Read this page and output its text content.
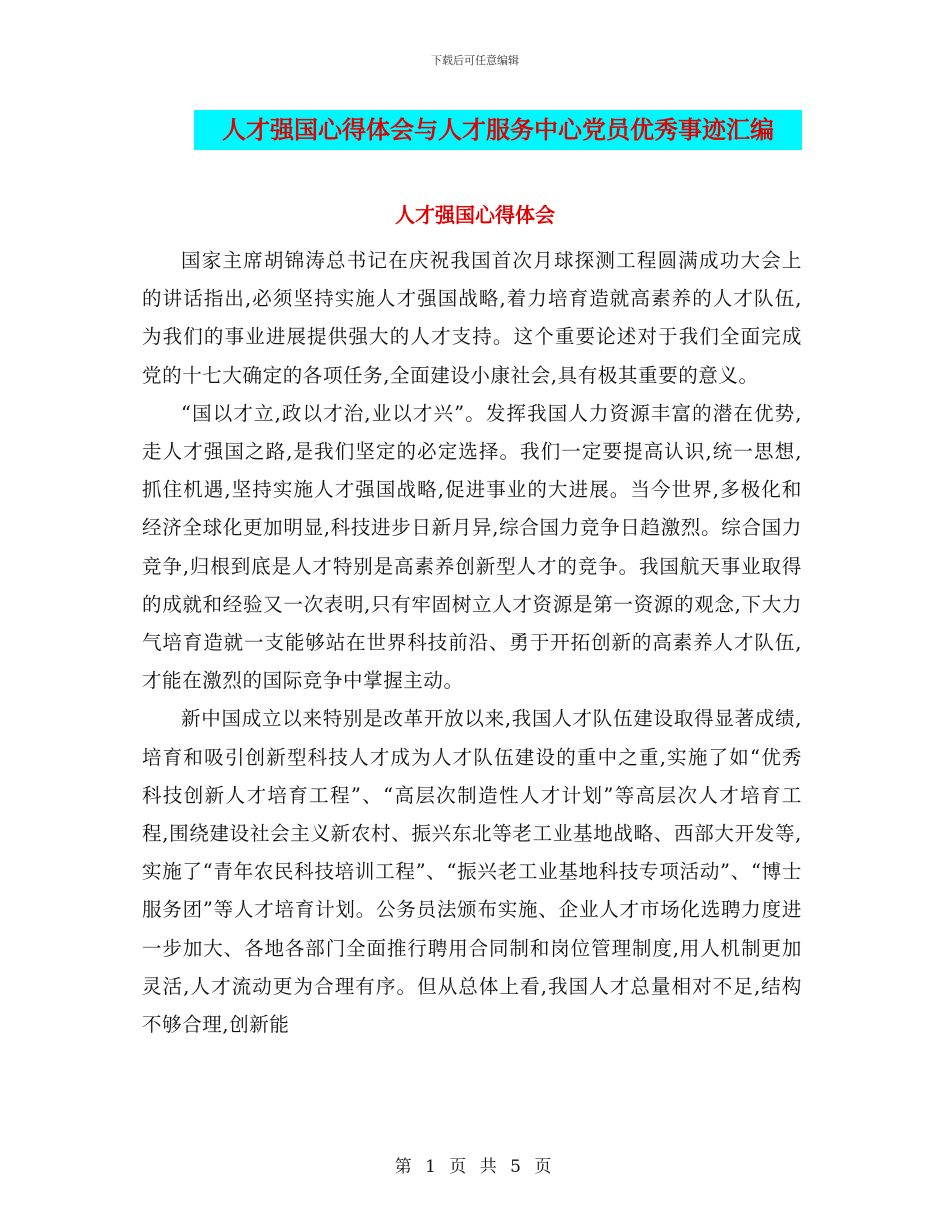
下载后可任意编辑
人才强国心得体会与人才服务中心党员优秀事迹汇编
人才强国心得体会

国家主席胡锦涛总书记在庆祝我国首次月球探测工程圆满成功大会上的讲话指出,必须坚持实施人才强国战略,着力培育造就高素养的人才队伍,为我们的事业进展提供强大的人才支持。这个重要论述对于我们全面完成党的十七大确定的各项任务,全面建设小康社会,具有极其重要的意义。

“国以才立,政以才治,业以才兴”。发挥我国人力资源丰富的潜在优势,走人才强国之路,是我们坚定的必定选择。我们一定要提高认识,统一思想,抓住机遇,坚持实施人才强国战略,促进事业的大进展。当今世界,多极化和经济全球化更加明显,科技进步日新月异,综合国力竞争日趋激烈。综合国力竞争,归根到底是人才特别是高素养创新型人才的竞争。我国航天事业取得的成就和经验又一次表明,只有牢固树立人才资源是第一资源的观念,下大力气培育造就一支能够站在世界科技前沿、勇于开拓创新的高素养人才队伍,才能在激烈的国际竞争中掌握主动。

新中国成立以来特别是改革开放以来,我国人才队伍建设取得显著成绩,培育和吸引创新型科技人才成为人才队伍建设的重中之重,实施了如“优秀科技创新人才培育工程”、“高层次制造性人才计划”等高层次人才培育工程,围绕建设社会主义新农村、振兴东北等老工业基地战略、西部大开发等,实施了“青年农民科技培训工程”、“振兴老工业基地科技专项活动”、“博士服务团”等人才培育计划。公务员法颁布实施、企业人才市场化选聘力度进一步加大、各地各部门全面推行聘用合同制和岗位管理制度,用人机制更加灵活,人才流动更为合理有序。但从总体上看,我国人才总量相对不足,结构不够合理,创新能

第 1 页 共 5 页
